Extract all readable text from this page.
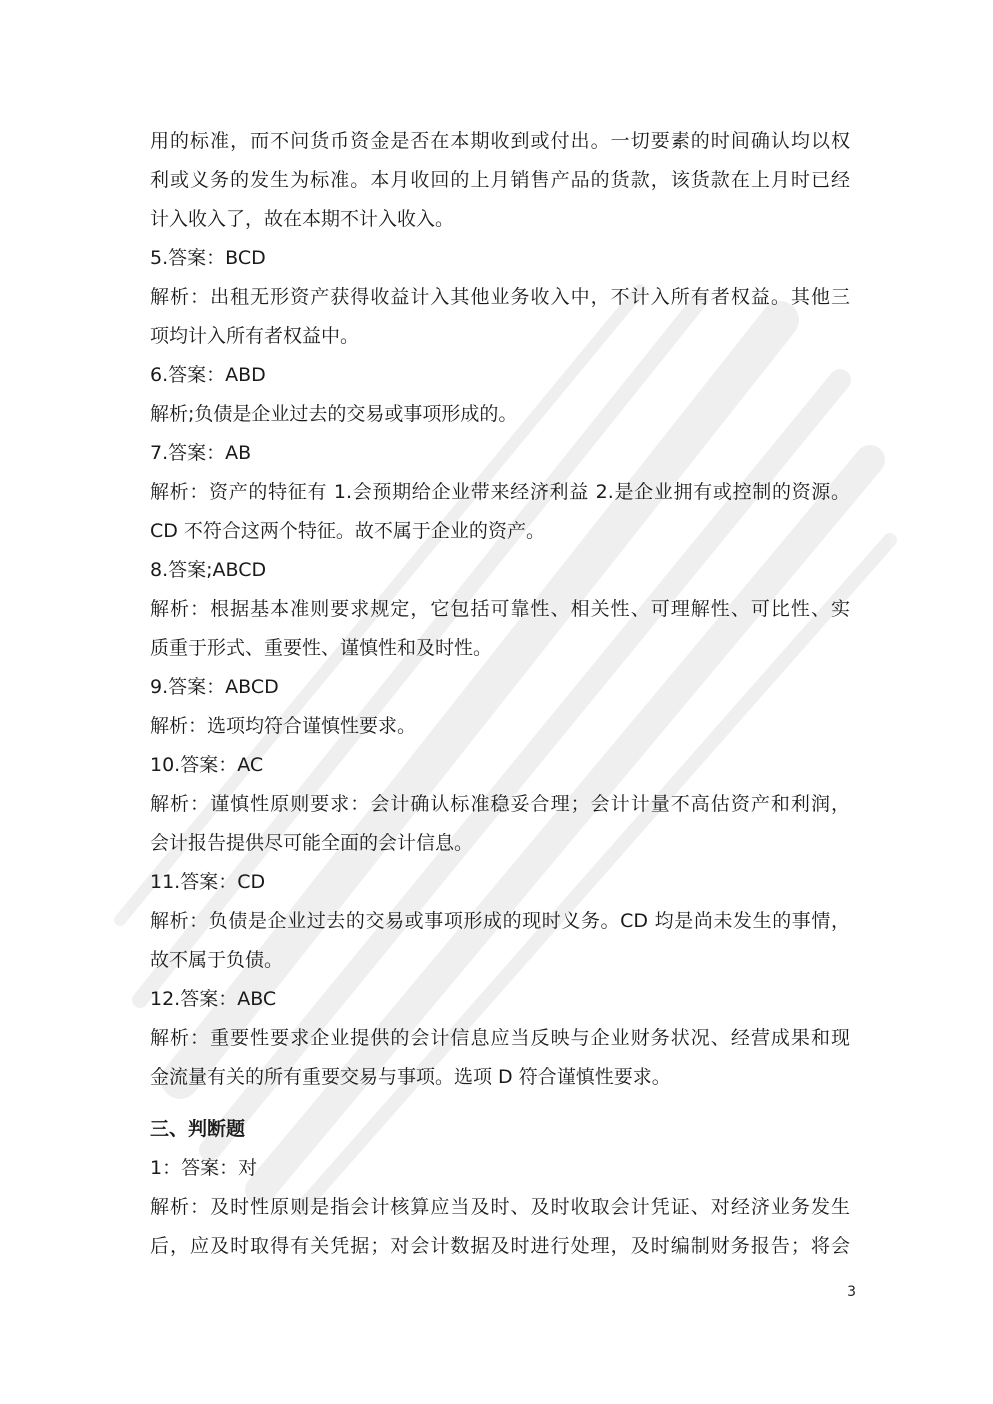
用的标准，而不问货币资金是否在本期收到或付出。一切要素的时间确认均以权
利或义务的发生为标准。本月收回的上月销售产品的货款，该货款在上月时已经
计入收入了，故在本期不计入收入。
5.答案：BCD
解析：出租无形资产获得收益计入其他业务收入中，不计入所有者权益。其他三
项均计入所有者权益中。
6.答案：ABD
解析;负债是企业过去的交易或事项形成的。
7.答案：AB
解析：资产的特征有 1.会预期给企业带来经济利益 2.是企业拥有或控制的资源。
CD 不符合这两个特征。故不属于企业的资产。
8.答案;ABCD
解析：根据基本准则要求规定，它包括可靠性、相关性、可理解性、可比性、实
质重于形式、重要性、谨慎性和及时性。
9.答案：ABCD
解析：选项均符合谨慎性要求。
10.答案：AC
解析：谨慎性原则要求：会计确认标准稳妥合理；会计计量不高估资产和利润，
会计报告提供尽可能全面的会计信息。
11.答案：CD
解析：负债是企业过去的交易或事项形成的现时义务。CD 均是尚未发生的事情，
故不属于负债。
12.答案：ABC
解析：重要性要求企业提供的会计信息应当反映与企业财务状况、经营成果和现
金流量有关的所有重要交易与事项。选项 D 符合谨慎性要求。
三、判断题
1：答案：对
解析：及时性原则是指会计核算应当及时、及时收取会计凭证、对经济业务发生
后，应及时取得有关凭据；对会计数据及时进行处理，及时编制财务报告；将会
3
